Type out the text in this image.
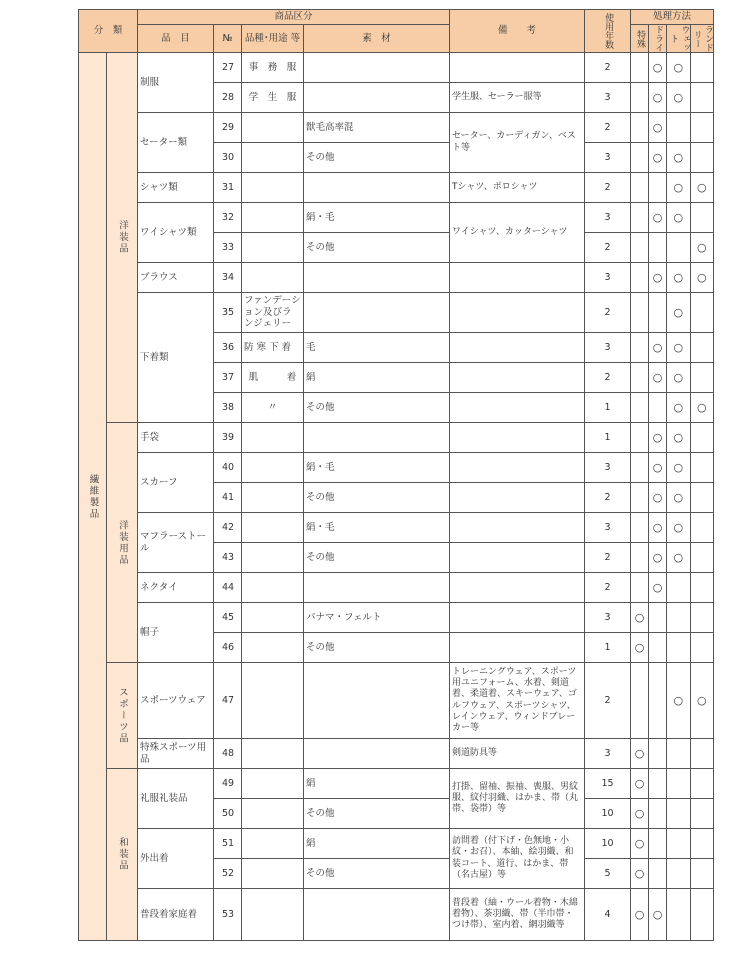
分　類		商品区分				備　　考	使用年数	処理方法			
		品　目	№	品種･用途 等	素　材			特殊	ドライ	ウェット	ランドリー

繊維製品	洋装品	制服	27	事　務　服			2		○	○	
			28	学　生　服		学生服、セーラー服等	3		○	○	
		セーター類	29		獣毛高率混	セーター、カーディガン、ベスト等	2		○		
			30		その他		3		○	○	
		シャツ類	31			Tシャツ、ポロシャツ	2			○	○
		ワイシャツ類	32		絹・毛	ワイシャツ、カッターシャツ	3		○	○	
			33		その他		2				○
		ブラウス	34				3		○	○	○
		下着類	35	ファンデーション及びランジェリー			2			○	
			36	防 寒 下 着	毛		3		○	○	
			37	肌　　　着	絹		2		○	○	
			38	〃	その他		1			○	○

	洋装用品	手袋	39				1		○	○	
		スカーフ	40		絹・毛		3		○	○	
			41		その他		2		○	○	
		マフラーストール	42		絹・毛		3		○	○	
			43		その他		2		○	○	
		ネクタイ	44				2		○		
		帽子	45		パナマ・フェルト		3	○			
			46		その他		1	○			

	スポーツ品	スポーツウェア	47			トレーニングウェア、スポーツ用ユニフォーム、水着、剣道着、柔道着、スキーウェア、ゴルフウェア、スポーツシャツ、レインウェア、ウィンドブレーカー等	2			○	○
		特殊スポーツ用品	48			剣道防具等	3	○			

	和装品	礼服礼装品	49		絹	打掛、留袖、振袖、喪服、男紋服、紋付羽織、はかま、帯（丸帯、袋帯）等	15	○			
			50		その他		10	○			
		外出着	51		絹	訪問着（付下げ・色無地・小紋・お召）、本紬、絵羽織、和装コート、道行、はかま、帯（名古屋）等	10	○			
			52		その他		5	○			
		普段着家庭着	53			普段着（紬・ウール着物・木綿着物）、茶羽織、帯（半巾帯・つけ帯）、室内着、網羽織等	4	○	○		
